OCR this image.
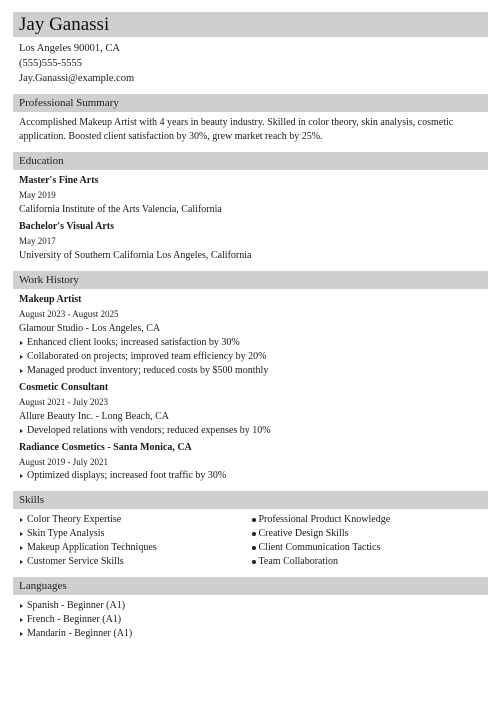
Jay Ganassi
Los Angeles 90001, CA
(555)555-5555
Jay.Ganassi@example.com
Professional Summary
Accomplished Makeup Artist with 4 years in beauty industry. Skilled in color theory, skin analysis, cosmetic application. Boosted client satisfaction by 30%, grew market reach by 25%.
Education
Master's Fine Arts
May 2019
California Institute of the Arts Valencia, California
Bachelor's Visual Arts
May 2017
University of Southern California Los Angeles, California
Work History
Makeup Artist
August 2023 - August 2025
Glamour Studio - Los Angeles, CA
Enhanced client looks; increased satisfaction by 30%
Collaborated on projects; improved team efficiency by 20%
Managed product inventory; reduced costs by $500 monthly
Cosmetic Consultant
August 2021 - July 2023
Allure Beauty Inc. - Long Beach, CA
Developed relations with vendors; reduced expenses by 10%
Radiance Cosmetics - Santa Monica, CA
August 2019 - July 2021
Optimized displays; increased foot traffic by 30%
Skills
Color Theory Expertise
Skin Type Analysis
Makeup Application Techniques
Customer Service Skills
Professional Product Knowledge
Creative Design Skills
Client Communication Tactics
Team Collaboration
Languages
Spanish - Beginner (A1)
French - Beginner (A1)
Mandarin - Beginner (A1)
